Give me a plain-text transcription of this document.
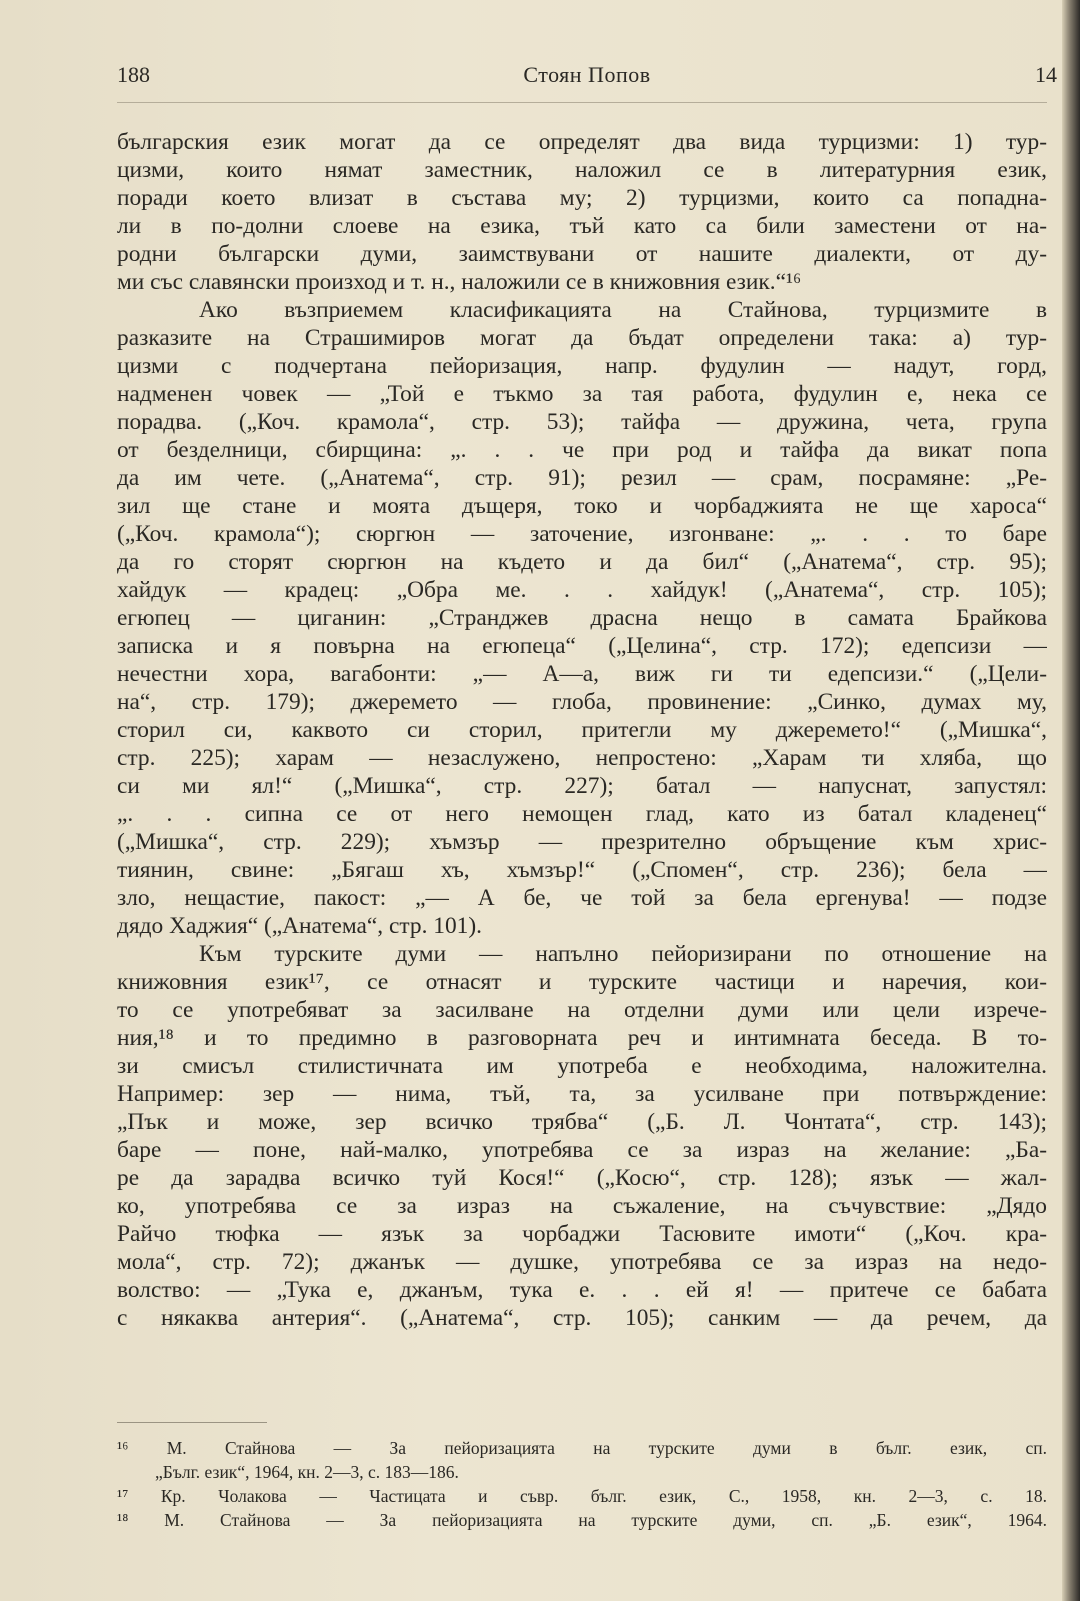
188	Стоян Попов	14
българския език могат да се определят два вида турцизми: 1) тур-
цизми, които нямат заместник, наложил се в литературния език,
поради което влизат в състава му; 2) турцизми, които са попадна-
ли в по-долни слоеве на езика, тъй като са били заместени от на-
родни български думи, заимствувани от нашите диалекти, от ду-
ми със славянски произход и т. н., наложили се в книжовния език.“¹⁶
Ако възприемем класификацията на Стайнова, турцизмите в
разказите на Страшимиров могат да бъдат определени така: а) тур-
цизми с подчертана пейоризация, напр. фудулин — надут, горд,
надменен човек — „Той е тъкмо за тая работа, фудулин е, нека се
порадва. („Коч. крамола“, стр. 53); тайфа — дружина, чета, група
от безделници, сбирщина: „. . . че при род и тайфа да викат попа
да им чете. („Анатема“, стр. 91); резил — срам, посрамяне: „Ре-
зил ще стане и моята дъщеря, токо и чорбаджията не ще хароса“
(„Коч. крамола“); сюргюн — заточение, изгонване: „. . . то баре
да го сторят сюргюн на където и да бил“ („Анатема“, стр. 95);
хайдук — крадец: „Обра ме. . . хайдук! („Анатема“, стр. 105);
егюпец — циганин: „Странджев драсна нещо в самата Брайкова
записка и я повърна на егюпеца“ („Целина“, стр. 172); едепсизи —
нечестни хора, вагабонти: „— А—а, виж ги ти едепсизи.“ („Цели-
на“, стр. 179); джеремето — глоба, провинение: „Синко, думах му,
сторил си, каквото си сторил, притегли му джеремето!“ („Мишка“,
стр. 225); харам — незаслужено, непростено: „Харам ти хляба, що
си ми ял!“ („Мишка“, стр. 227); батал — напуснат, запустял:
„. . . сипна се от него немощен глад, като из батал кладенец“
(„Мишка“, стр. 229); хъмзър — презрително обръщение към хрис-
тиянин, свине: „Бягаш хъ, хъмзър!“ („Спомен“, стр. 236); бела —
зло, нещастие, пакост: „— А бе, че той за бела ергенува! — подзе
дядо Хаджия“ („Анатема“, стр. 101).
Към турските думи — напълно пейоризирани по отношение на
книжовния език¹⁷, се отнасят и турските частици и наречия, кои-
то се употребяват за засилване на отделни думи или цели изрече-
ния,¹⁸ и то предимно в разговорната реч и интимната беседа. В то-
зи смисъл стилистичната им употреба е необходима, наложителна.
Например: зер — нима, тъй, та, за усилване при потвърждение:
„Пък и може, зер всичко трябва“ („Б. Л. Чонтата“, стр. 143);
баре — поне, най-малко, употребява се за израз на желание: „Ба-
ре да зарадва всичко туй Кося!“ („Косю“, стр. 128); язък — жал-
ко, употребява се за израз на съжаление, на съчувствие: „Дядо
Райчо тюфка — язък за чорбаджи Тасювите имоти“ („Коч. кра-
мола“, стр. 72); джанък — душке, употребява се за израз на недо-
волство: — „Тука е, джанъм, тука е. . . ей я! — притече се бабата
с някаква антерия“. („Анатема“, стр. 105); санким — да речем, да
¹⁶ М. Стайнова — За пейоризацията на турските думи в бълг. език, сп.
„Бълг. език“, 1964, кн. 2—3, с. 183—186.
¹⁷ Кр. Чолакова — Частицата и съвр. бълг. език, С., 1958, кн. 2—3, с. 18.
¹⁸ М. Стайнова — За пейоризацията на турските думи, сп. „Б. език“, 1964.
